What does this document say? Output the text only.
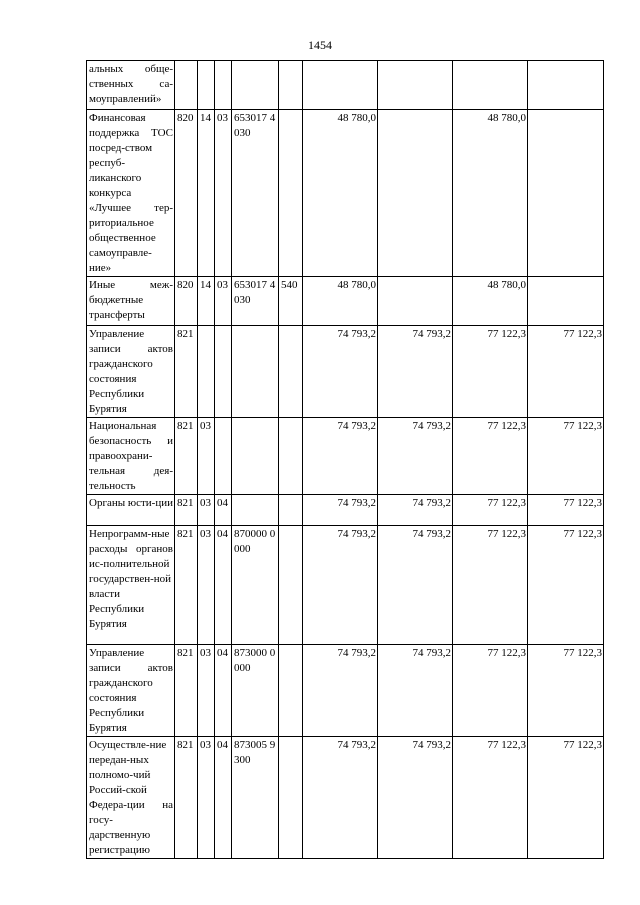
1454
альных обще-ственных са-моуправлений»									
Финансовая поддержка ТОС посред-ством респуб-ликанского конкурса «Лучшее тер-риториальное общественное самоуправле-ние»	820	14	03	653017 4030		48 780,0		48 780,0	
Иные меж-бюджетные трансферты	820	14	03	653017 4030	540	48 780,0		48 780,0	
Управление записи актов гражданского состояния Республики Бурятия	821					74 793,2	74 793,2	77 122,3	77 122,3
Национальная безопасность и правоохрани-тельная дея-тельность	821	03				74 793,2	74 793,2	77 122,3	77 122,3
Органы юсти-ции	821	03	04			74 793,2	74 793,2	77 122,3	77 122,3
Непрограмм-ные расходы органов ис-полнительной государствен-ной власти Республики Бурятия	821	03	04	870000 0000		74 793,2	74 793,2	77 122,3	77 122,3
Управление записи актов гражданского состояния Республики Бурятия	821	03	04	873000 0000		74 793,2	74 793,2	77 122,3	77 122,3
Осуществле-ние передан-ных полномо-чий Россий-ской Федера-ции на госу-дарственную регистрацию	821	03	04	873005 9300		74 793,2	74 793,2	77 122,3	77 122,3
